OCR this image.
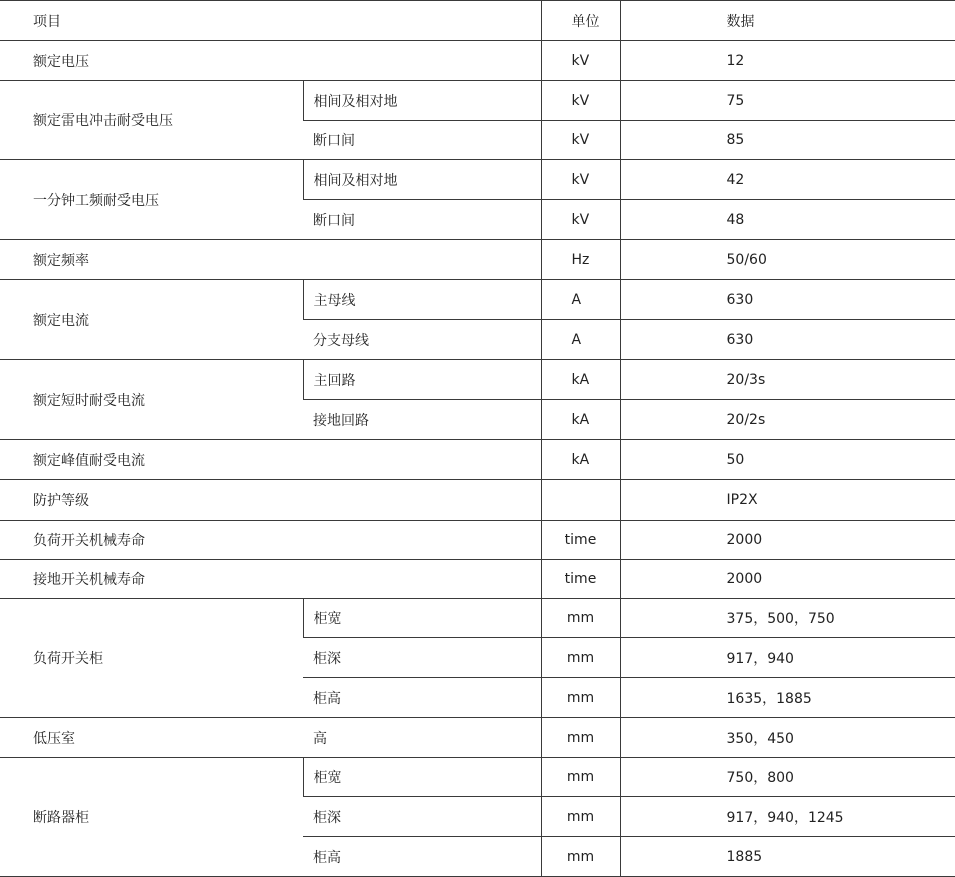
项目		单位	数据
额定电压		kV	12
额定雷电冲击耐受电压	相间及相对地	kV	75
	断口间	kV	85
一分钟工频耐受电压	相间及相对地	kV	42
	断口间	kV	48
额定频率		Hz	50/60
额定电流	主母线	A	630
	分支母线	A	630
额定短时耐受电流	主回路	kA	20/3s
	接地回路	kA	20/2s
额定峰值耐受电流		kA	50
防护等级			IP2X
负荷开关机械寿命		time	2000
接地开关机械寿命		time	2000
负荷开关柜	柜宽	mm	375，500，750
	柜深	mm	917，940
	柜高	mm	1635，1885
低压室	高	mm	350，450
断路器柜	柜宽	mm	750，800
	柜深	mm	917，940，1245
	柜高	mm	1885
